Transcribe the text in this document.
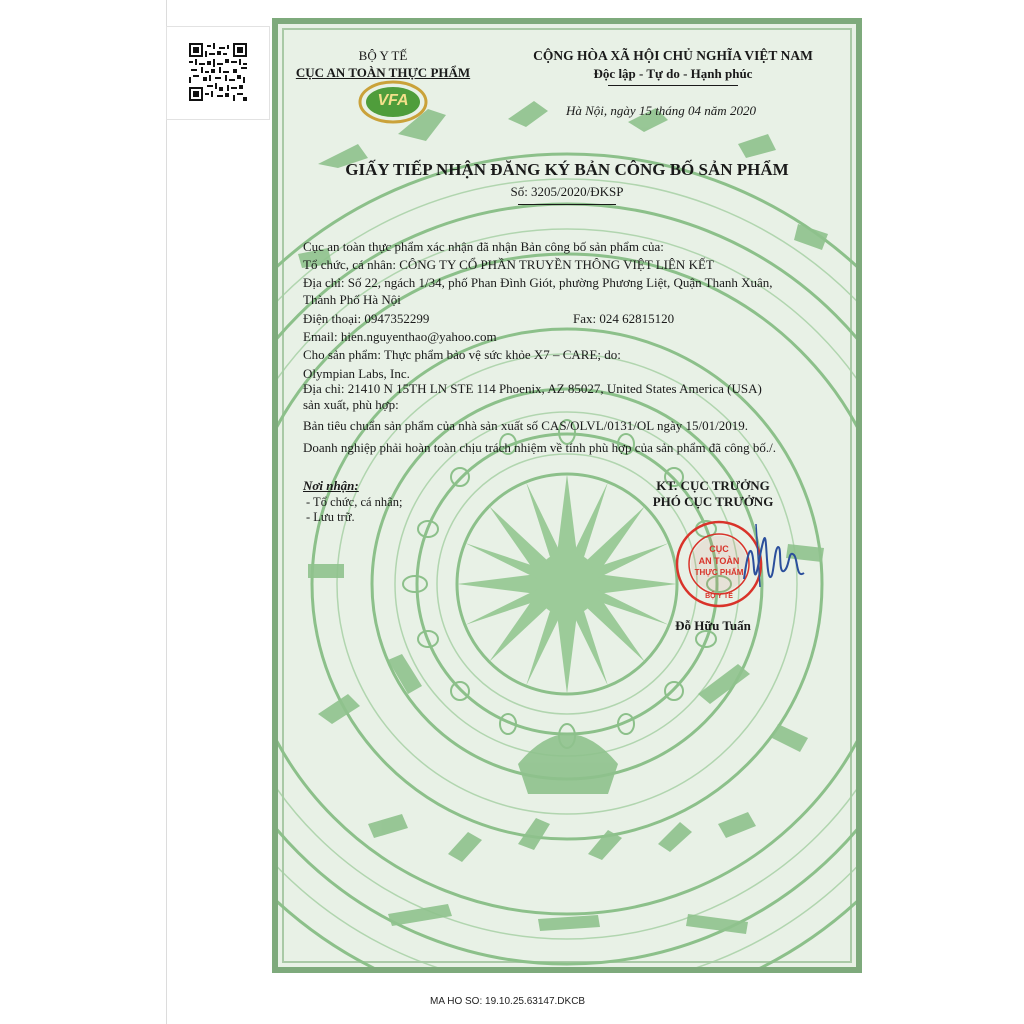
BỘ Y TẾ
CỤC AN TOÀN THỰC PHẨM
VFA
CỘNG HÒA XÃ HỘI CHỦ NGHĨA VIỆT NAM
Độc lập - Tự do - Hạnh phúc
Hà Nội, ngày 15 tháng 04 năm 2020
GIẤY TIẾP NHẬN ĐĂNG KÝ BẢN CÔNG BỐ SẢN PHẨM
Số: 3205/2020/ĐKSP
Cục an toàn thực phẩm xác nhận đã nhận Bản công bố sản phẩm của:
Tổ chức, cá nhân: CÔNG TY CỔ PHẦN TRUYỀN THÔNG VIỆT LIÊN KẾT
Địa chỉ: Số 22, ngách 1/34, phố Phan Đình Giót, phường Phương Liệt, Quận Thanh Xuân,
Thành Phố Hà Nội
Điện thoại: 0947352299	Fax: 024 62815120
Email: hien.nguyenthao@yahoo.com
Cho sản phẩm: Thực phẩm bảo vệ sức khỏe X7 – CARE; do:
Olympian Labs, Inc.
Địa chỉ: 21410 N 15TH LN STE 114 Phoenix, AZ 85027, United States America (USA)
sản xuất, phù hợp:
Bản tiêu chuẩn sản phẩm của nhà sản xuất số CAS/OLVL/0131/OL ngày 15/01/2019.
Doanh nghiệp phải hoàn toàn chịu trách nhiệm về tính phù hợp của sản phẩm đã công bố./.
Nơi nhận:
- Tổ chức, cá nhân;
- Lưu trữ.
KT. CỤC TRƯỞNG
PHÓ CỤC TRƯỞNG
BỘ Y TẾ
CỤC
AN TOÀN
THỰC PHẨM
Đỗ Hữu Tuấn
MA HO SO: 19.10.25.63147.DKCB
